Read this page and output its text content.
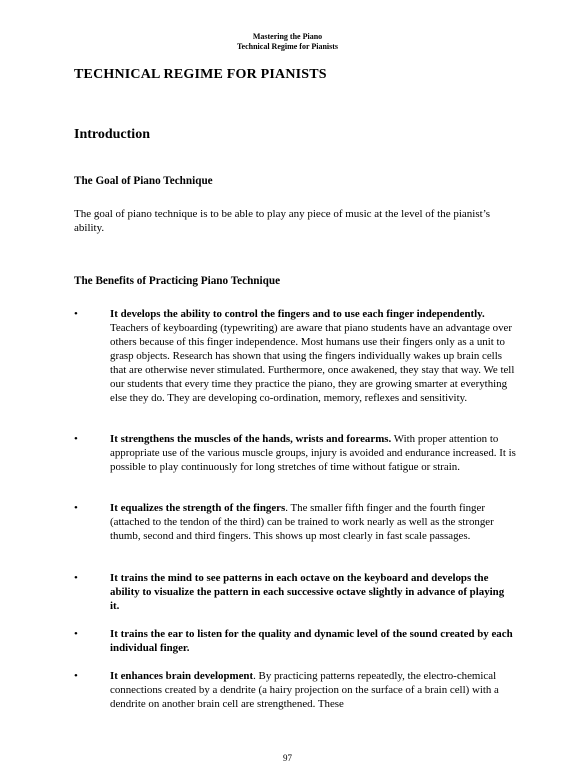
Mastering the Piano
Technical Regime for Pianists
TECHNICAL REGIME FOR PIANISTS
Introduction
The Goal of Piano Technique

The goal of piano technique is to be able to play any piece of music at the level of the pianist’s ability.

The Benefits of Practicing Piano Technique
•	It develops the ability to control the fingers and to use each finger independently. Teachers of keyboarding (typewriting) are aware that piano students have an advantage over others because of this finger independence. Most humans use their fingers only as a unit to grasp objects. Research has shown that using the fingers individually wakes up brain cells that are otherwise never stimulated. Furthermore, once awakened, they stay that way. We tell our students that every time they practice the piano, they are growing smarter at everything else they do. They are developing co-ordination, memory, reflexes and sensitivity.
•	It strengthens the muscles of the hands, wrists and forearms. With proper attention to appropriate use of the various muscle groups, injury is avoided and endurance increased. It is possible to play continuously for long stretches of time without fatigue or strain.
•	It equalizes the strength of the fingers. The smaller fifth finger and the fourth finger (attached to the tendon of the third) can be trained to work nearly as well as the stronger thumb, second and third fingers. This shows up most clearly in fast scale passages.
•	It trains the mind to see patterns in each octave on the keyboard and develops the ability to visualize the pattern in each successive octave slightly in advance of playing it.
•	It trains the ear to listen for the quality and dynamic level of the sound created by each individual finger.
•	It enhances brain development. By practicing patterns repeatedly, the electro-chemical connections created by a dendrite (a hairy projection on the surface of a brain cell) with a dendrite on another brain cell are strengthened. These
97
